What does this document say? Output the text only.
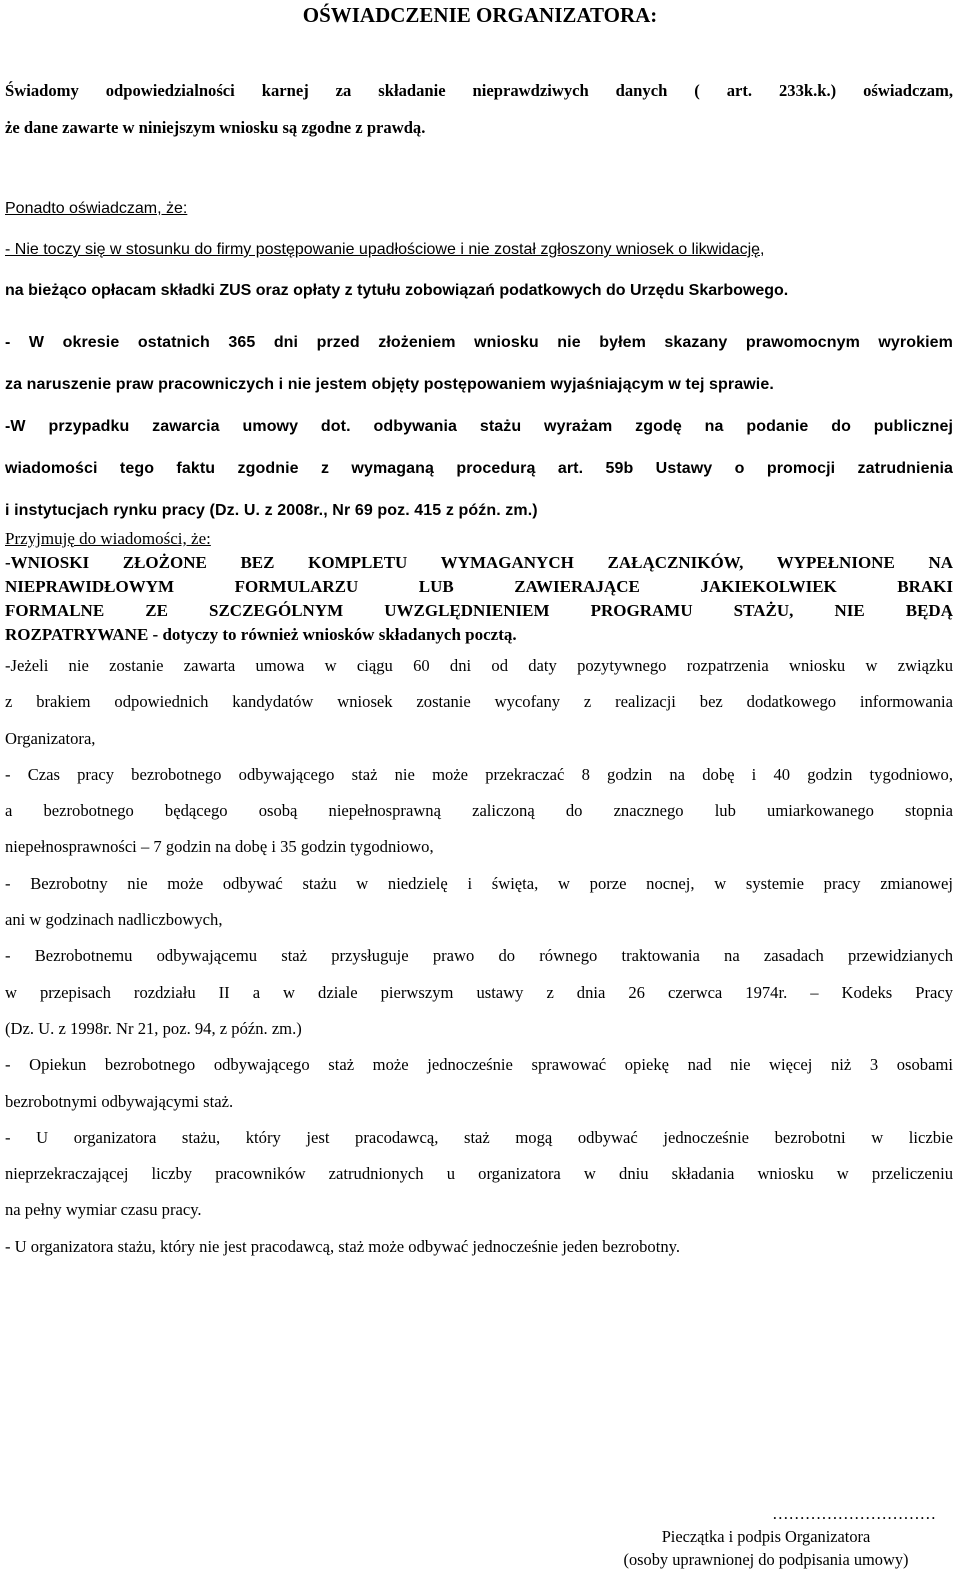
OŚWIADCZENIE ORGANIZATORA:

Świadomy odpowiedzialności karnej za składanie nieprawdziwych danych ( art. 233k.k.) oświadczam,

że dane zawarte w niniejszym wniosku są zgodne z prawdą.

Ponadto oświadczam, że:

- Nie toczy się w stosunku do firmy postępowanie upadłościowe i nie został zgłoszony wniosek o likwidację,

na bieżąco opłacam składki ZUS oraz opłaty z tytułu zobowiązań podatkowych do Urzędu Skarbowego.

- W okresie ostatnich 365 dni przed złożeniem wniosku nie byłem skazany prawomocnym wyrokiem

za naruszenie praw pracowniczych i nie jestem objęty postępowaniem wyjaśniającym w tej sprawie.

-W przypadku zawarcia umowy dot. odbywania stażu wyrażam zgodę na podanie do publicznej

wiadomości tego faktu zgodnie z wymaganą procedurą art. 59b Ustawy o promocji zatrudnienia

i instytucjach rynku pracy (Dz. U. z 2008r., Nr 69 poz. 415 z późn. zm.)

Przyjmuję do wiadomości, że:
-WNIOSKI ZŁOŻONE BEZ KOMPLETU WYMAGANYCH ZAŁĄCZNIKÓW, WYPEŁNIONE NA
NIEPRAWIDŁOWYM FORMULARZU LUB ZAWIERAJĄCE JAKIEKOLWIEK BRAKI
FORMALNE ZE SZCZEGÓLNYM UWZGLĘDNIENIEM PROGRAMU STAŻU, NIE BĘDĄ
ROZPATRYWANE - dotyczy to również wniosków składanych pocztą.

-Jeżeli nie zostanie zawarta umowa w ciągu 60 dni od daty pozytywnego rozpatrzenia wniosku w związku

z brakiem odpowiednich kandydatów wniosek zostanie wycofany z realizacji bez dodatkowego informowania

Organizatora,

- Czas pracy bezrobotnego odbywającego staż nie może przekraczać 8 godzin na dobę i 40 godzin tygodniowo,

a bezrobotnego będącego osobą niepełnosprawną zaliczoną do znacznego lub umiarkowanego stopnia

niepełnosprawności – 7 godzin na dobę i 35 godzin tygodniowo,

- Bezrobotny nie może odbywać stażu w niedzielę i święta, w porze nocnej, w systemie pracy zmianowej

ani w godzinach nadliczbowych,

- Bezrobotnemu odbywającemu staż przysługuje prawo do równego traktowania na zasadach przewidzianych

w przepisach rozdziału II a w dziale pierwszym ustawy z dnia 26 czerwca 1974r. – Kodeks Pracy

(Dz. U. z 1998r. Nr 21, poz. 94, z późn. zm.)

- Opiekun bezrobotnego odbywającego staż może jednocześnie sprawować opiekę nad nie więcej niż 3 osobami

bezrobotnymi odbywającymi staż.

- U organizatora stażu, który jest pracodawcą, staż mogą odbywać jednocześnie bezrobotni w liczbie

nieprzekraczającej liczby pracowników zatrudnionych u organizatora w dniu składania wniosku w przeliczeniu

na pełny wymiar czasu pracy.

- U organizatora stażu, który nie jest pracodawcą, staż może odbywać jednocześnie jeden bezrobotny.

…………………………
Pieczątka i podpis Organizatora
(osoby uprawnionej do podpisania umowy)
